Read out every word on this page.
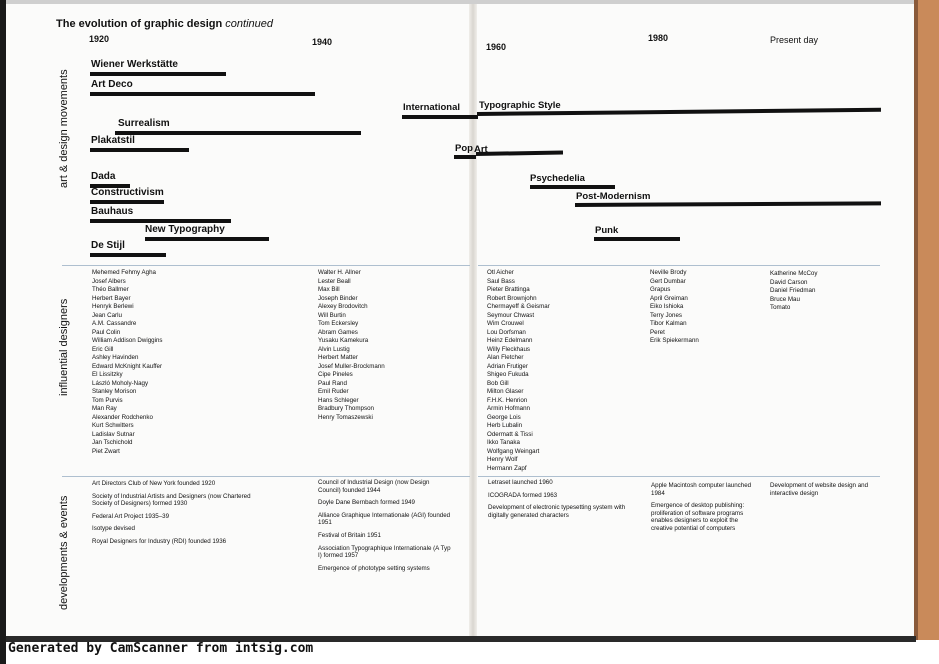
The evolution of graphic design continued
1920	1940	1960
1980	Present day
art & design movements
influential designers
developments & events
Wiener Werkstätte
Art Deco
International Typographic Style
Surrealism
Plakatstil
Pop Art
Dada	Psychedelia
Constructivism	Post-Modernism
Bauhaus
New Typography	Punk
De Stijl
Mehemed Fehmy Agha
Josef Albers
Théo Ballmer
Herbert Bayer
Henryk Berlewi
Jean Carlu
A.M. Cassandre
Paul Colin
William Addison Dwiggins
Eric Gill
Ashley Havinden
Edward McKnight Kauffer
El Lissitzky
László Moholy-Nagy
Stanley Morison
Tom Purvis
Man Ray
Alexander Rodchenko
Kurt Schwitters
Ladislav Sutnar
Jan Tschichold
Piet Zwart
Walter H. Allner
Lester Beall
Max Bill
Joseph Binder
Alexey Brodovitch
Will Burtin
Tom Eckersley
Abram Games
Yusaku Kamekura
Alvin Lustig
Herbert Matter
Josef Muller-Brockmann
Cipe Pineles
Paul Rand
Emil Ruder
Hans Schleger
Bradbury Thompson
Henry Tomaszewski
Otl Aicher
Saul Bass
Pieter Brattinga
Robert Brownjohn
Chermayeff & Geismar
Seymour Chwast
Wim Crouwel
Lou Dorfsman
Heinz Edelmann
Willy Fleckhaus
Alan Fletcher
Adrian Frutiger
Shigeo Fukuda
Bob Gill
Milton Glaser
F.H.K. Henrion
Armin Hofmann
George Lois
Herb Lubalin
Odermatt & Tissi
Ikko Tanaka
Wolfgang Weingart
Henry Wolf
Hermann Zapf
Neville Brody
Gert Dumbar
Grapus
April Greiman
Eiko Ishioka
Terry Jones
Tibor Kalman
Peret
Erik Spiekermann
Katherine McCoy
David Carson
Daniel Friedman
Bruce Mau
Tomato
Art Directors Club of New York founded 1920
Society of Industrial Artists and Designers (now Chartered Society of Designers) formed 1930
Federal Art Project 1935–39
Isotype devised
Royal Designers for Industry (RDI) founded 1936
Council of Industrial Design (now Design Council) founded 1944
Doyle Dane Bernbach formed 1949
Alliance Graphique Internationale (AGI) founded 1951
Festival of Britain 1951
Association Typographique Internationale (A Typ I) formed 1957
Emergence of phototype setting systems
Letraset launched 1960
ICOGRADA formed 1963
Development of electronic typesetting system with digitally generated characters
Apple Macintosh computer launched 1984
Emergence of desktop publishing: proliferation of software programs enables designers to exploit the creative potential of computers
Development of website design and interactive design
Generated by CamScanner from intsig.com
